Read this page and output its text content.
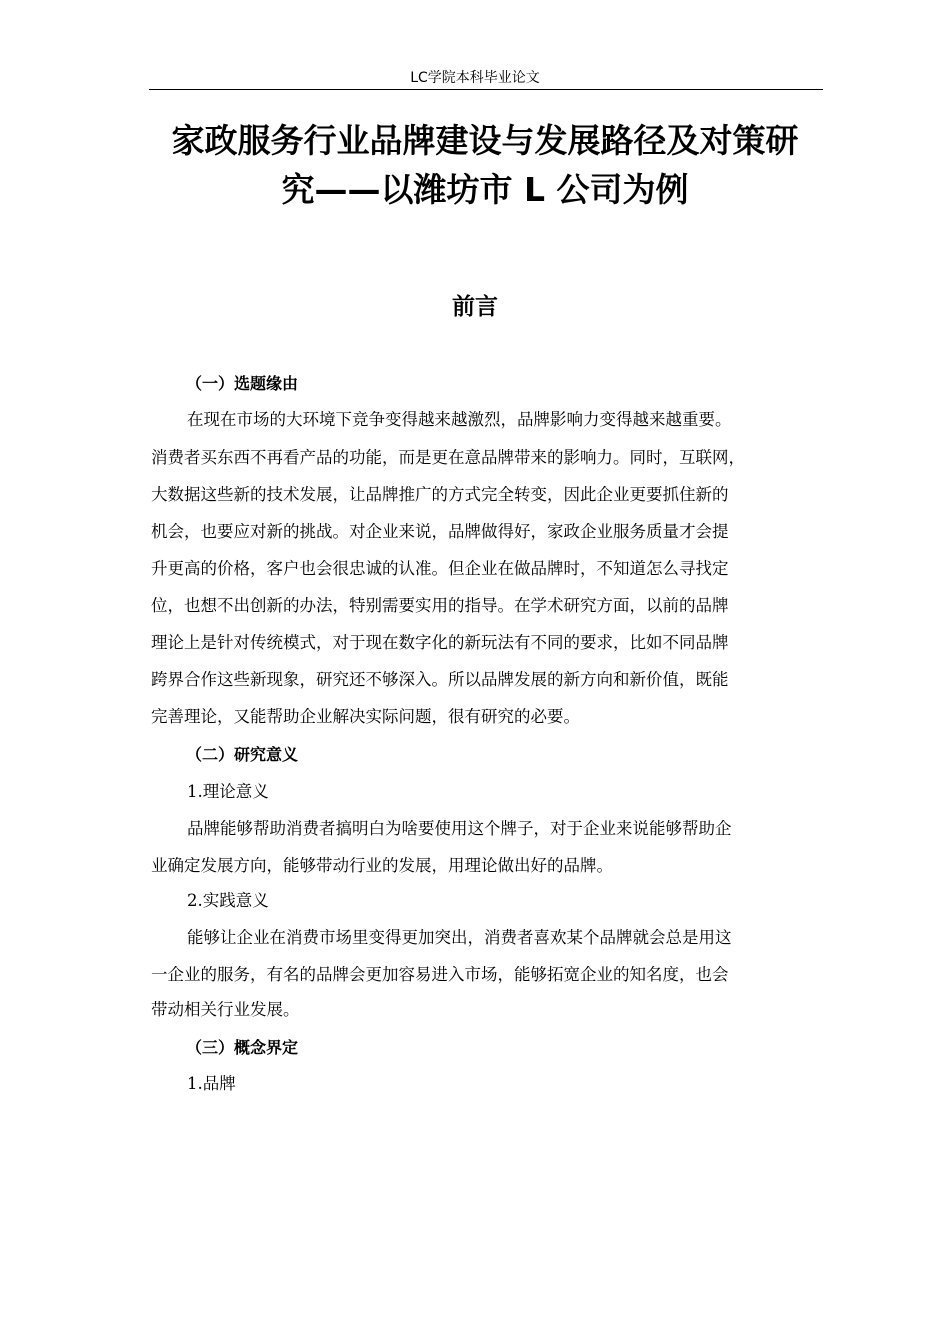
LC学院本科毕业论文
家政服务行业品牌建设与发展路径及对策研
究——以潍坊市 L 公司为例
前言
（一）选题缘由
在现在市场的大环境下竞争变得越来越激烈，品牌影响力变得越来越重要。
消费者买东西不再看产品的功能，而是更在意品牌带来的影响力。同时，互联网，
大数据这些新的技术发展，让品牌推广的方式完全转变，因此企业更要抓住新的
机会，也要应对新的挑战。对企业来说，品牌做得好，家政企业服务质量才会提
升更高的价格，客户也会很忠诚的认准。但企业在做品牌时，不知道怎么寻找定
位，也想不出创新的办法，特别需要实用的指导。在学术研究方面，以前的品牌
理论上是针对传统模式，对于现在数字化的新玩法有不同的要求，比如不同品牌
跨界合作这些新现象，研究还不够深入。所以品牌发展的新方向和新价值，既能
完善理论，又能帮助企业解决实际问题，很有研究的必要。
（二）研究意义
1.理论意义
品牌能够帮助消费者搞明白为啥要使用这个牌子，对于企业来说能够帮助企
业确定发展方向，能够带动行业的发展，用理论做出好的品牌。
2.实践意义
能够让企业在消费市场里变得更加突出，消费者喜欢某个品牌就会总是用这
一企业的服务，有名的品牌会更加容易进入市场，能够拓宽企业的知名度，也会
带动相关行业发展。
（三）概念界定
1.品牌
